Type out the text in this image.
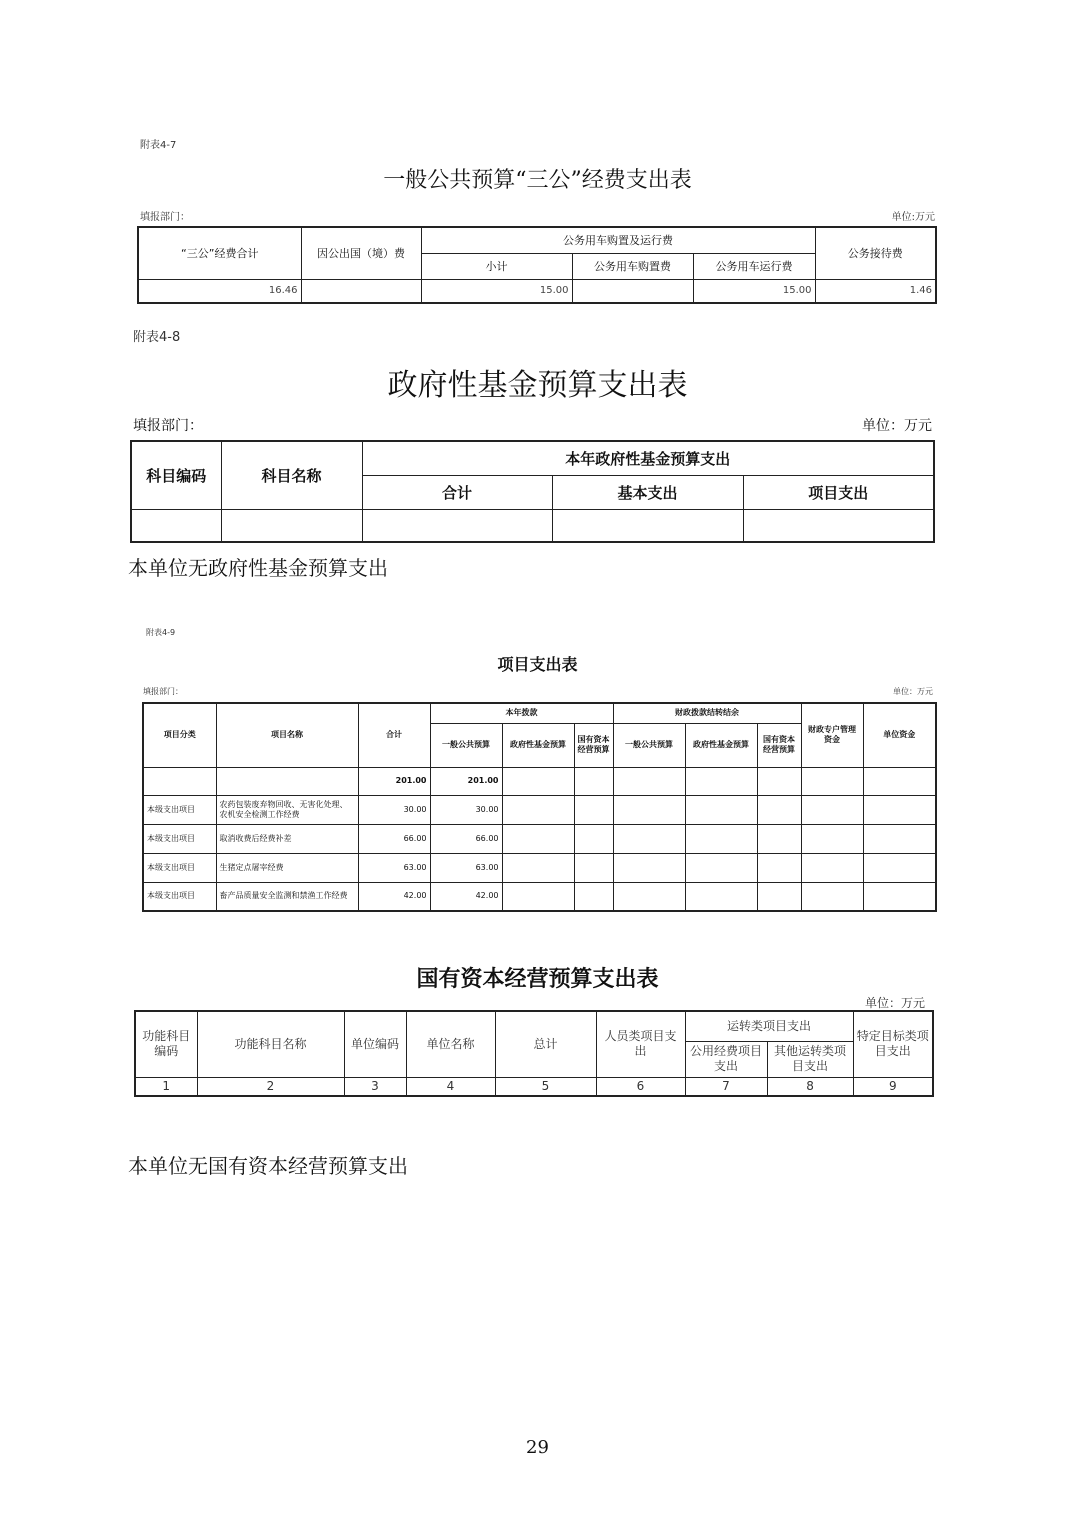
附表4-7
一般公共预算“三公”经费支出表
填报部门：	单位:万元
“三公”经费合计	因公出国（境）费	公务用车购置及运行费			公务接待费
		小计	公务用车购置费	公务用车运行费	
16.46		15.00		15.00	1.46
附表4-8
政府性基金预算支出表
填报部门：	单位：万元
科目编码	科目名称	本年政府性基金预算支出		
		合计	基本支出	项目支出

本单位无政府性基金预算支出
附表4-9
项目支出表
填报部门：	单位：万元
项目分类	项目名称	合计	本年拨款			财政拨款结转结余			财政专户管理资金	单位资金
			一般公共预算	政府性基金预算	国有资本经营预算	一般公共预算	政府性基金预算	国有资本经营预算		
		201.00	201.00							
本级支出项目	农药包装废弃物回收、无害化处理、农机安全检测工作经费	30.00	30.00							
本级支出项目	取消收费后经费补差	66.00	66.00							
本级支出项目	生猪定点屠宰经费	63.00	63.00							
本级支出项目	畜产品质量安全监测和禁渔工作经费	42.00	42.00							
国有资本经营预算支出表
单位：万元
功能科目编码	功能科目名称	单位编码	单位名称	总计	人员类项目支出	运转类项目支出		特定目标类项目支出
						公用经费项目支出	其他运转类项目支出	
1	2	3	4	5	6	7	8	9
本单位无国有资本经营预算支出
29
